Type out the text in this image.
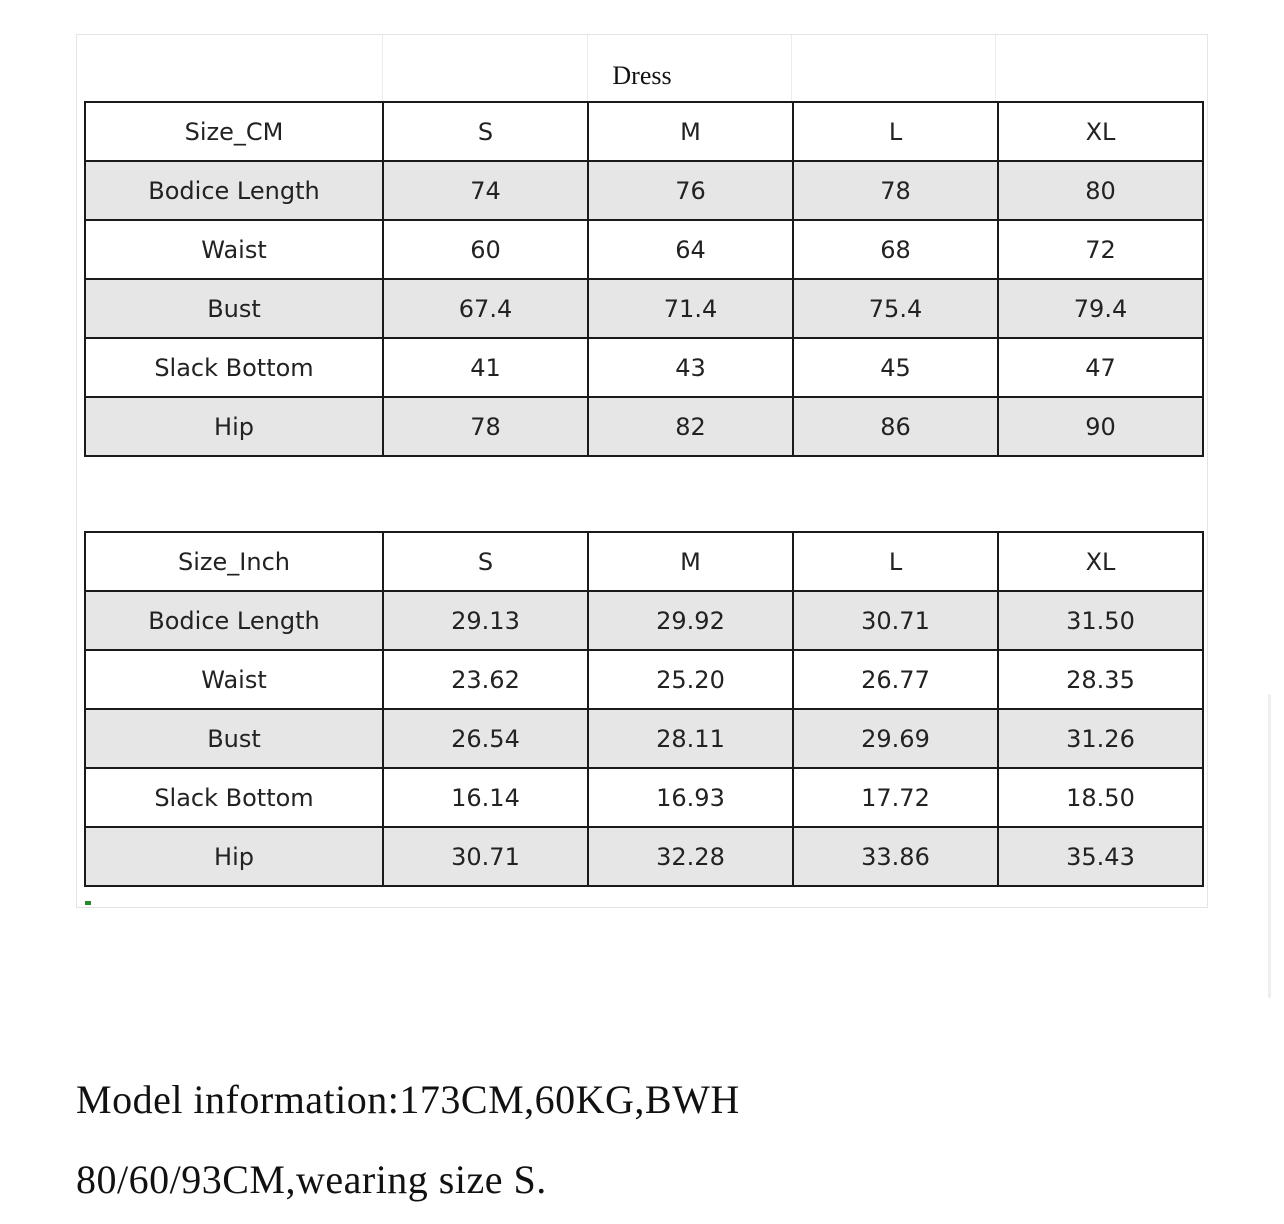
Dress
Size_CM	S	M	L	XL
Bodice Length	74	76	78	80
Waist	60	64	68	72
Bust	67.4	71.4	75.4	79.4
Slack Bottom	41	43	45	47
Hip	78	82	86	90
Size_Inch	S	M	L	XL
Bodice Length	29.13	29.92	30.71	31.50
Waist	23.62	25.20	26.77	28.35
Bust	26.54	28.11	29.69	31.26
Slack Bottom	16.14	16.93	17.72	18.50
Hip	30.71	32.28	33.86	35.43
Model information:173CM,60KG,BWH
80/60/93CM,wearing size S.
